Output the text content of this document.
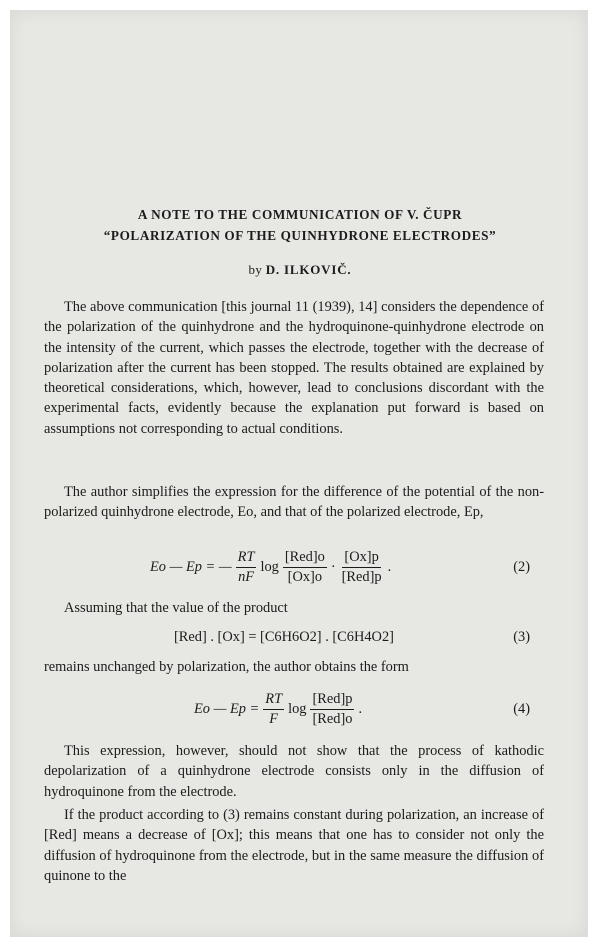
A NOTE TO THE COMMUNICATION OF V. ČUPR
“POLARIZATION OF THE QUINHYDRONE ELECTRODES”
by D. ILKOVIČ.
The above communication [this journal 11 (1939), 14] considers the dependence of the polarization of the quinhydrone and the hydroquinone-quinhydrone electrode on the intensity of the current, which passes the electrode, together with the decrease of polarization after the current has been stopped. The results obtained are explained by theoretical considerations, which, however, lead to conclusions discordant with the experimental facts, evidently because the explanation put forward is based on assumptions not corresponding to actual conditions.
The author simplifies the expression for the difference of the potential of the non-polarized quinhydrone electrode, Eo, and that of the polarized electrode, Ep,
Eo — Ep = — $\frac{RT}{nF}$ $\log \frac{\text{[Red]o}}{[Ox]o} \cdot \frac{[Ox]p}{\text{[Red]p}}$ .	(2)
Assuming that the value of the product
[Red] . [Ox] = [C6H6O2] . [C6H4O2]	(3)
remains unchanged by polarization, the author obtains the form
Eo — $Ep = \frac{RT}{F}$ $\log \frac{\text{[Red]p}}{\text{[Red]o}}$ .	(4)
This expression, however, should not show that the process of kathodic depolarization of a quinhydrone electrode consists only in the diffusion of hydroquinone from the electrode.
If the product according to (3) remains constant during polarization, an increase of [Red] means a decrease of [Ox]; this means that one has to consider not only the diffusion of hydroquinone from the electrode, but in the same measure the diffusion of quinone to the
